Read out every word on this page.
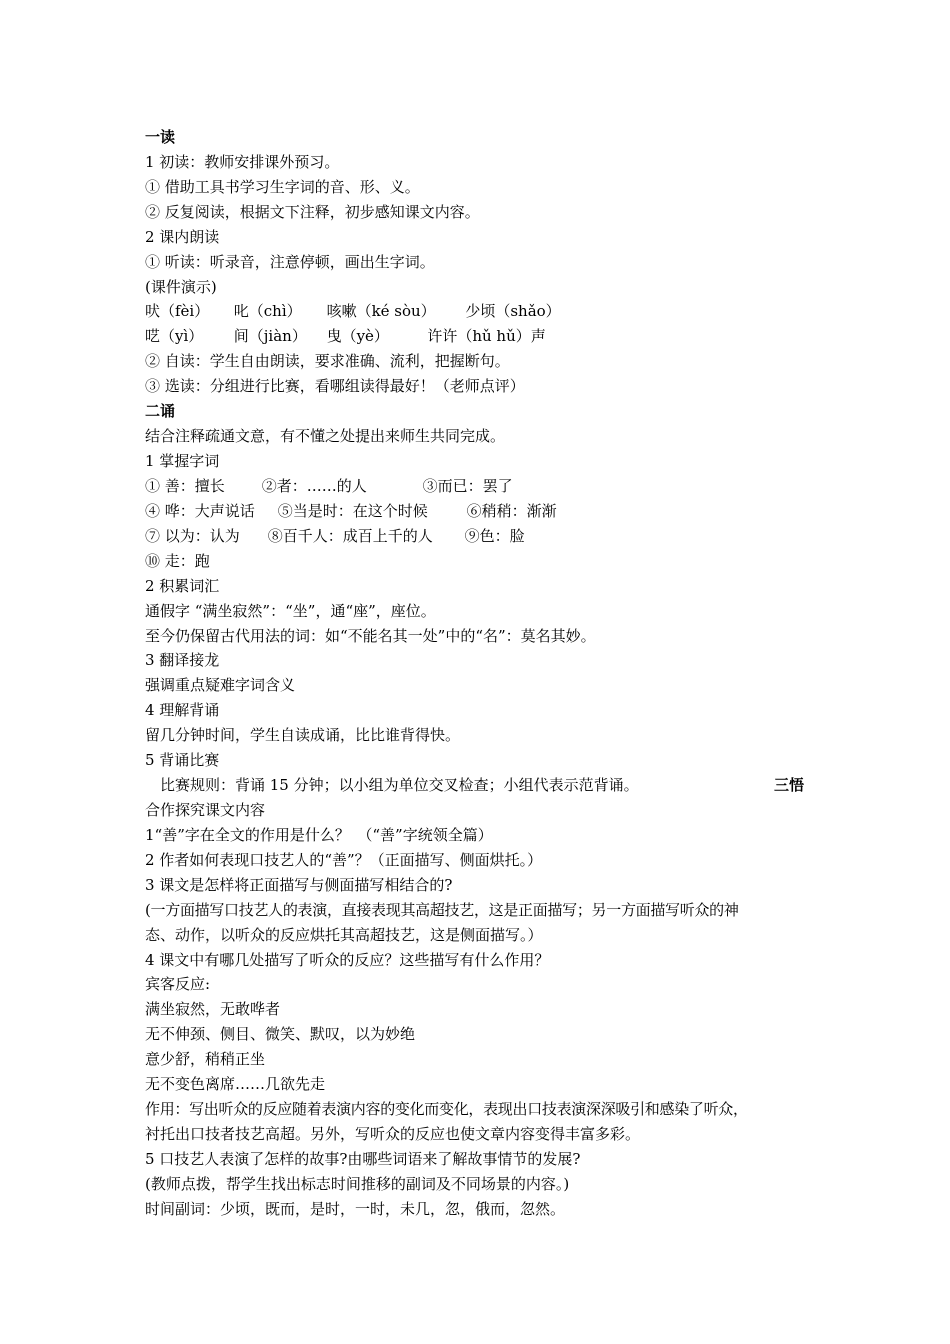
一读
1 初读：教师安排课外预习。
① 借助工具书学习生字词的音、形、义。
② 反复阅读，根据文下注释，初步感知课文内容。
2 课内朗读
① 听读：听录音，注意停顿，画出生字词。
(课件演示)
吠（fèi） 叱（chì） 咳嗽（ké sòu） 少顷（shǎo）
呓（yì） 间（jiàn） 曳（yè）	许许（hǔ hǔ）声
② 自读：学生自由朗读，要求准确、流利，把握断句。
③ 选读：分组进行比赛，看哪组读得最好！（老师点评）
二诵
结合注释疏通文意，有不懂之处提出来师生共同完成。
1 掌握字词
① 善：擅长 ②者：……的人	③而已：罢了
④ 哗：大声说话 ⑤当是时：在这个时候	⑥稍稍：渐渐
⑦ 以为：认为 ⑧百千人：成百上千的人 ⑨色：脸
⑩ 走：跑
2 积累词汇
通假字 “满坐寂然”：“坐”，通“座”，座位。
至今仍保留古代用法的词：如“不能名其一处”中的“名”：莫名其妙。
3 翻译接龙
强调重点疑难字词含义
4 理解背诵
留几分钟时间，学生自读成诵，比比谁背得快。
5 背诵比赛
比赛规则：背诵 15 分钟；以小组为单位交叉检查；小组代表示范背诵。	三悟
合作探究课文内容
1“善”字在全文的作用是什么？　（“善”字统领全篇）
2 作者如何表现口技艺人的“善”？（正面描写、侧面烘托。）
3 课文是怎样将正面描写与侧面描写相结合的?
(一方面描写口技艺人的表演，直接表现其高超技艺，这是正面描写；另一方面描写听众的神
态、动作，以听众的反应烘托其高超技艺，这是侧面描写。）
4 课文中有哪几处描写了听众的反应？这些描写有什么作用？
宾客反应:
满坐寂然，无敢哗者
无不伸颈、侧目、微笑、默叹，以为妙绝
意少舒，稍稍正坐
无不变色离席……几欲先走
作用：写出听众的反应随着表演内容的变化而变化，表现出口技表演深深吸引和感染了听众，
衬托出口技者技艺高超。另外，写听众的反应也使文章内容变得丰富多彩。
5 口技艺人表演了怎样的故事?由哪些词语来了解故事情节的发展?
(教师点拨，帮学生找出标志时间推移的副词及不同场景的内容。)
时间副词：少顷，既而，是时，一时，未几，忽，俄而，忽然。
